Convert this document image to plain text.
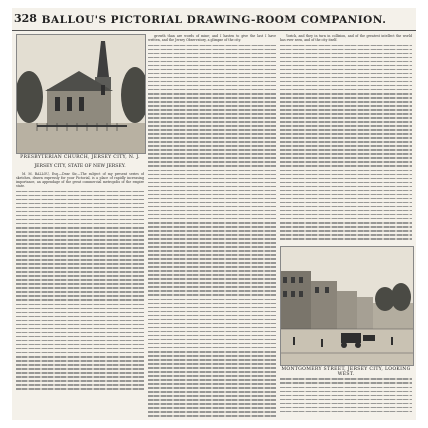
328 BALLOU'S PICTORIAL DRAWING-ROOM COMPANION.
PRESBYTERIAN CHURCH, JERSEY CITY, N. J.
JERSEY CITY, STATE OF NEW JERSEY.

M. M. BALLOU, Esq.—Dear Sir,—The subject of my present series of sketches, drawn expressly for your Pictorial, is a place of rapidly increasing importance, an appendage of the great commercial metropolis of the empire state.

growth than are words of mine; and I hasten to give the last I have written, and the Jersey Observatory, a glimpse of the city.

Yorick, and they in turn in collision, and of the greatest intellect the world has ever seen, and of the city itself.

MONTGOMERY STREET, JERSEY CITY, LOOKING WEST.
